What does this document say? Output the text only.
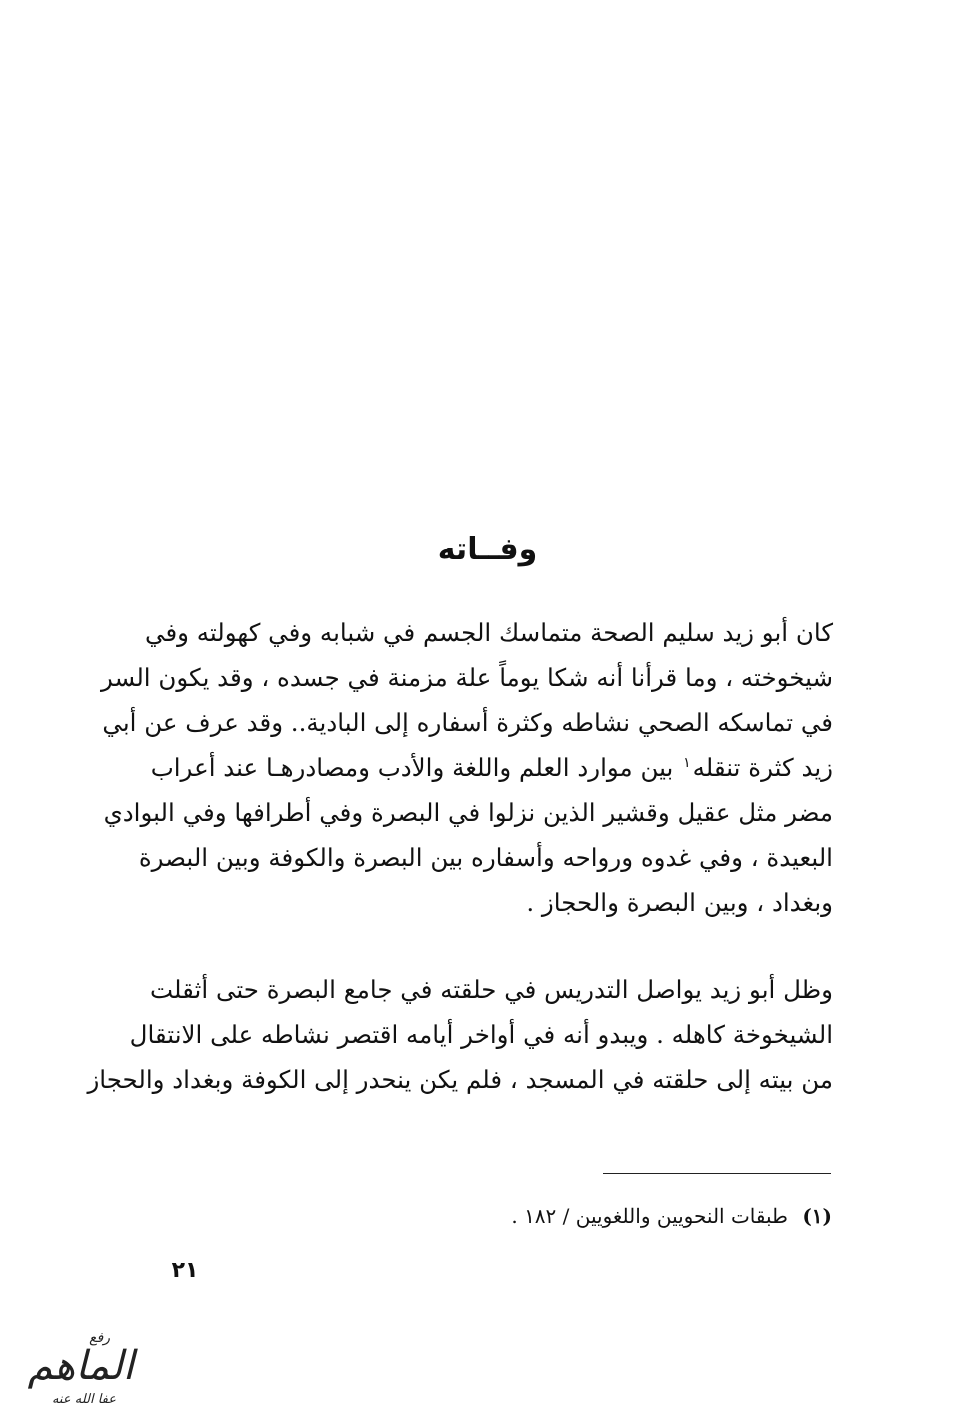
وفــاته
كان أبو زيد سليم الصحة متماسك الجسم في شبابه وفي كهولته وفي
شيخوخته ، وما قرأنا أنه شكا يوماً علة مزمنة في جسده ، وقد يكون السر
في تماسكه الصحي نشاطه وكثرة أسفاره إلى البادية.. وقد عرف عن أبي
زيد كثرة تنقله$^١$ بين موارد العلم واللغة والأدب ومصادرهـا عند أعراب
مضر مثل عقيل وقشير الذين نزلوا في البصرة وفي أطرافها وفي البوادي
البعيدة ، وفي غدوه ورواحه وأسفاره بين البصرة والكوفة وبين البصرة
وبغداد ، وبين البصرة والحجاز .
وظل أبو زيد يواصل التدريس في حلقته في جامع البصرة حتى أثقلت
الشيخوخة كاهله . ويبدو أنه في أواخر أيامه اقتصر نشاطه على الانتقال
من بيته إلى حلقته في المسجد ، فلم يكن ينحدر إلى الكوفة وبغداد والحجاز
(١) طبقات النحويين واللغويين / ١٨٢ .
٢١
رفع
الماهم
عفا الله عنه
